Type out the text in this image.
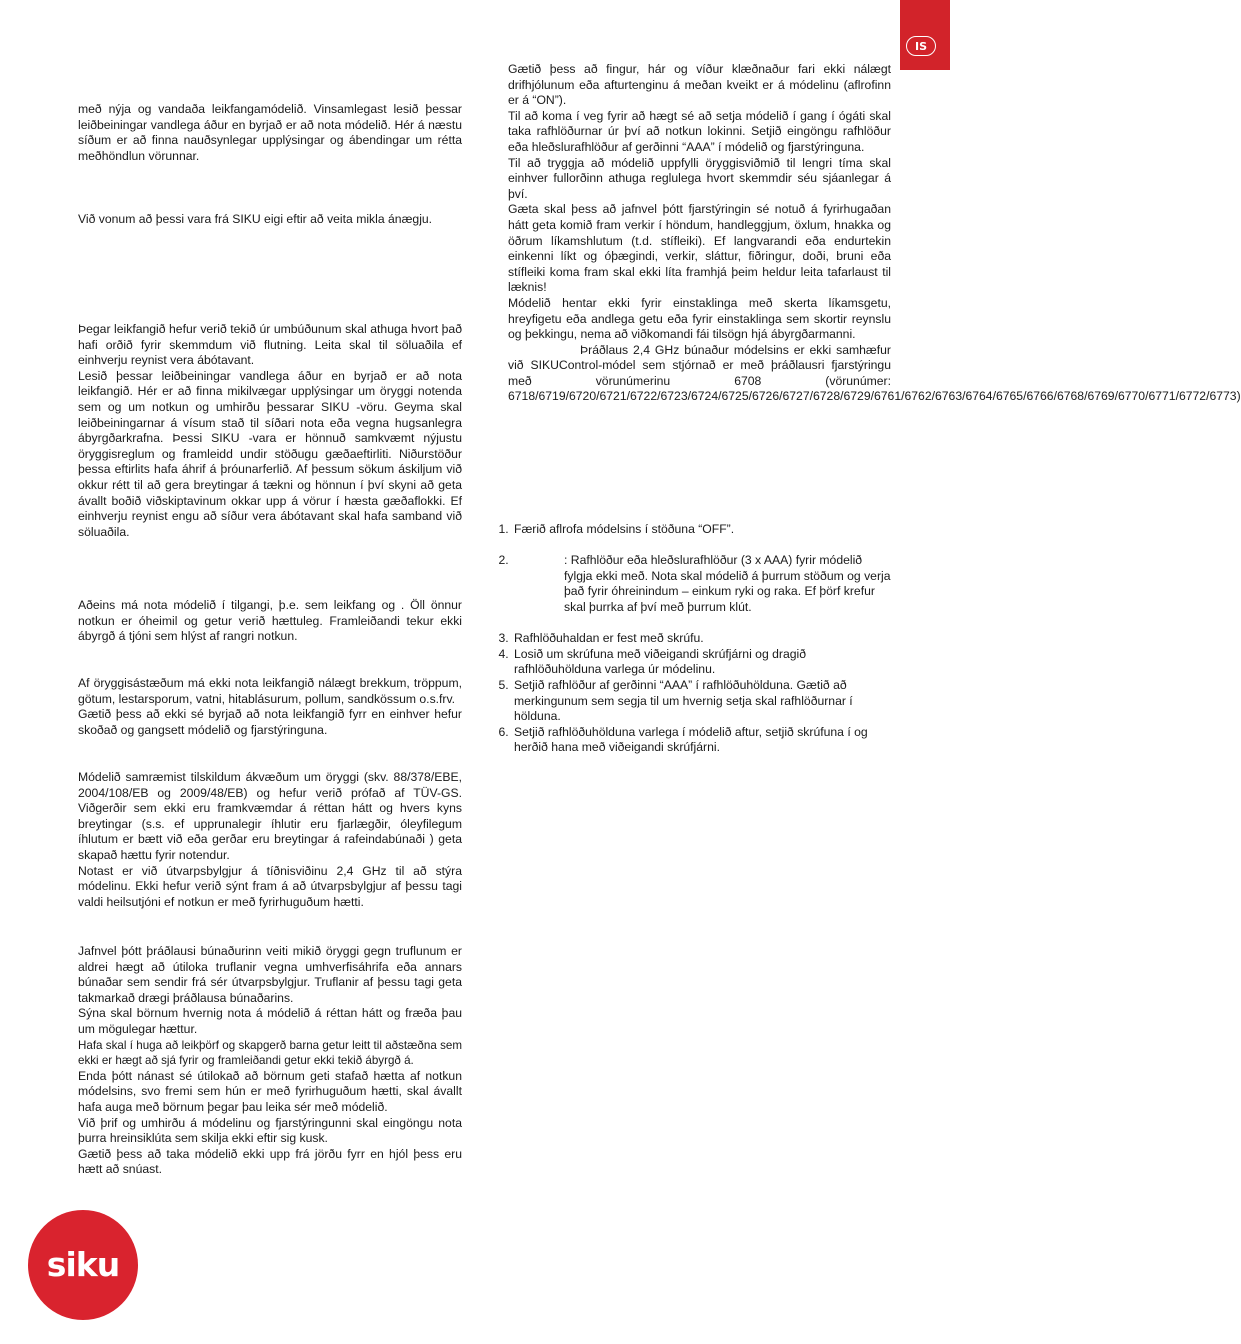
IS

með nýja og vandaða leikfangamódelið. Vinsamlegast lesið þessar leiðbeiningar vandlega áður en byrjað er að nota módelið. Hér á næstu síðum er að finna nauðsynlegar upplýsingar og ábendingar um rétta meðhöndlun vörunnar.

Við vonum að þessi vara frá SIKU eigi eftir að veita mikla ánægju.

Þegar leikfangið hefur verið tekið úr umbúðunum skal athuga hvort það hafi orðið fyrir skemmdum við flutning. Leita skal til söluaðila ef einhverju reynist vera ábótavant.

Lesið þessar leiðbeiningar vandlega áður en byrjað er að nota leikfangið. Hér er að finna mikilvægar upplýsingar um öryggi notenda sem og um notkun og umhirðu þessarar SIKU -vöru. Geyma skal leiðbeiningarnar á vísum stað til síðari nota eða vegna hugsanlegra ábyrgðarkrafna. Þessi SIKU -vara er hönnuð samkvæmt nýjustu öryggisreglum og framleidd undir stöðugu gæðaeftirliti. Niðurstöður þessa eftirlits hafa áhrif á þróunarferlið. Af þessum sökum áskiljum við okkur rétt til að gera breytingar á tækni og hönnun í því skyni að geta ávallt boðið viðskiptavinum okkar upp á vörur í hæsta gæðaflokki. Ef einhverju reynist engu að síður vera ábótavant skal hafa samband við söluaðila.

Aðeins má nota módelið í tilgangi, þ.e. sem leikfang og . Öll önnur notkun er óheimil og getur verið hættuleg. Framleiðandi tekur ekki ábyrgð á tjóni sem hlýst af rangri notkun.

Af öryggisástæðum má ekki nota leikfangið nálægt brekkum, tröppum, götum, lestarsporum, vatni, hitablásurum, pollum, sandkössum o.s.frv.

Gætið þess að ekki sé byrjað að nota leikfangið fyrr en einhver hefur skoðað og gangsett módelið og fjarstýringuna.

Módelið samræmist tilskildum ákvæðum um öryggi (skv. 88/378/EBE, 2004/108/EB og 2009/48/EB) og hefur verið prófað af TÜV-GS. Viðgerðir sem ekki eru framkvæmdar á réttan hátt og hvers kyns breytingar (s.s. ef upprunalegir íhlutir eru fjarlægðir, óleyfilegum íhlutum er bætt við eða gerðar eru breytingar á rafeindabúnaði ) geta skapað hættu fyrir notendur.

Notast er við útvarpsbylgjur á tíðnisviðinu 2,4 GHz til að stýra módelinu. Ekki hefur verið sýnt fram á að útvarpsbylgjur af þessu tagi valdi heilsutjóni ef notkun er með fyrirhuguðum hætti.

Jafnvel þótt þráðlausi búnaðurinn veiti mikið öryggi gegn truflunum er aldrei hægt að útiloka truflanir vegna umhverfisáhrifa eða annars búnaðar sem sendir frá sér útvarpsbylgjur. Truflanir af þessu tagi geta takmarkað drægi þráðlausa búnaðarins.

Sýna skal börnum hvernig nota á módelið á réttan hátt og fræða þau um mögulegar hættur.

Hafa skal í huga að leikþörf og skapgerð barna getur leitt til aðstæðna sem ekki er hægt að sjá fyrir og framleiðandi getur ekki tekið ábyrgð á.

Enda þótt nánast sé útilokað að börnum geti stafað hætta af notkun módelsins, svo fremi sem hún er með fyrirhuguðum hætti, skal ávallt hafa auga með börnum þegar þau leika sér með módelið.

Við þrif og umhirðu á módelinu og fjarstýringunni skal eingöngu nota þurra hreinsiklúta sem skilja ekki eftir sig kusk.

Gætið þess að taka módelið ekki upp frá jörðu fyrr en hjól þess eru hætt að snúast.

Gætið þess að fingur, hár og víður klæðnaður fari ekki nálægt drifhjólunum eða afturtenginu á meðan kveikt er á módelinu (aflrofinn er á “ON”).

Til að koma í veg fyrir að hægt sé að setja módelið í gang í ógáti skal taka rafhlöðurnar úr því að notkun lokinni. Setjið eingöngu rafhlöður eða hleðslurafhlöður af gerðinni “AAA” í módelið og fjarstýringuna.

Til að tryggja að módelið uppfylli öryggisviðmið til lengri tíma skal einhver fullorðinn athuga reglulega hvort skemmdir séu sjáanlegar á því.

Gæta skal þess að jafnvel þótt fjarstýringin sé notuð á fyrirhugaðan hátt geta komið fram verkir í höndum, handleggjum, öxlum, hnakka og öðrum líkamshlutum (t.d. stífleiki). Ef langvarandi eða endurtekin einkenni líkt og óþægindi, verkir, sláttur, fiðringur, doði, bruni eða stífleiki koma fram skal ekki líta framhjá þeim heldur leita tafarlaust til læknis!

Módelið hentar ekki fyrir einstaklinga með skerta líkamsgetu, hreyfigetu eða andlega getu eða fyrir einstaklinga sem skortir reynslu og þekkingu, nema að viðkomandi fái tilsögn hjá ábyrgðarmanni.

Þráðlaus 2,4 GHz búnaður módelsins er ekki samhæfur við SIKUControl-módel sem stjórnað er með þráðlausri fjarstýringu með vörunúmerinu 6708 (vörunúmer: 6718/6719/6720/6721/6722/6723/6724/6725/6726/6727/6728/6729/6761/6762/6763/6764/6765/6766/6768/6769/6770/6771/6772/6773)

1. Færið aflrofa módelsins í stöðuna “OFF”.
2. : Rafhlöður eða hleðslurafhlöður (3 x AAA) fyrir módelið fylgja ekki með. Nota skal módelið á þurrum stöðum og verja það fyrir óhreinindum – einkum ryki og raka. Ef þörf krefur skal þurrka af því með þurrum klút.
3. Rafhlöðuhaldan er fest með skrúfu.
4. Losið um skrúfuna með viðeigandi skrúfjárni og dragið rafhlöðuhölduna varlega úr módelinu.
5. Setjið rafhlöður af gerðinni “AAA” í rafhlöðuhölduna. Gætið að merkingunum sem segja til um hvernig setja skal rafhlöðurnar í hölduna.
6. Setjið rafhlöðuhölduna varlega í módelið aftur, setjið skrúfuna í og herðið hana með viðeigandi skrúfjárni.
siku
